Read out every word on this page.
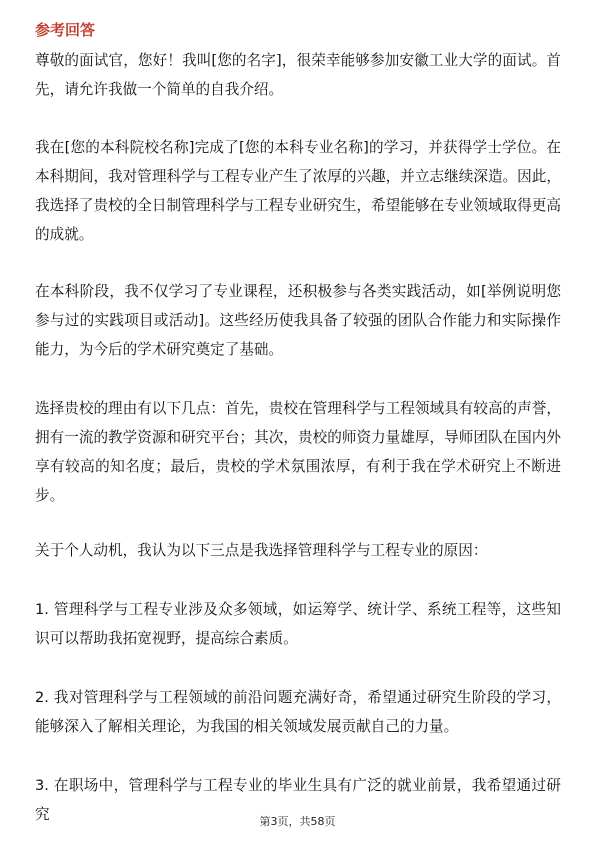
参考回答

尊敬的面试官，您好！我叫[您的名字]，很荣幸能够参加安徽工业大学的面试。首先，请允许我做一个简单的自我介绍。

我在[您的本科院校名称]完成了[您的本科专业名称]的学习，并获得学士学位。在本科期间，我对管理科学与工程专业产生了浓厚的兴趣，并立志继续深造。因此，我选择了贵校的全日制管理科学与工程专业研究生，希望能够在专业领域取得更高的成就。

在本科阶段，我不仅学习了专业课程，还积极参与各类实践活动，如[举例说明您参与过的实践项目或活动]。这些经历使我具备了较强的团队合作能力和实际操作能力，为今后的学术研究奠定了基础。

选择贵校的理由有以下几点：首先，贵校在管理科学与工程领域具有较高的声誉，拥有一流的教学资源和研究平台；其次，贵校的师资力量雄厚，导师团队在国内外享有较高的知名度；最后，贵校的学术氛围浓厚，有利于我在学术研究上不断进步。

关于个人动机，我认为以下三点是我选择管理科学与工程专业的原因：

1. 管理科学与工程专业涉及众多领域，如运筹学、统计学、系统工程等，这些知识可以帮助我拓宽视野，提高综合素质。

2. 我对管理科学与工程领域的前沿问题充满好奇，希望通过研究生阶段的学习，能够深入了解相关理论，为我国的相关领域发展贡献自己的力量。

3. 在职场中，管理科学与工程专业的毕业生具有广泛的就业前景，我希望通过研究	第3页，共58页
